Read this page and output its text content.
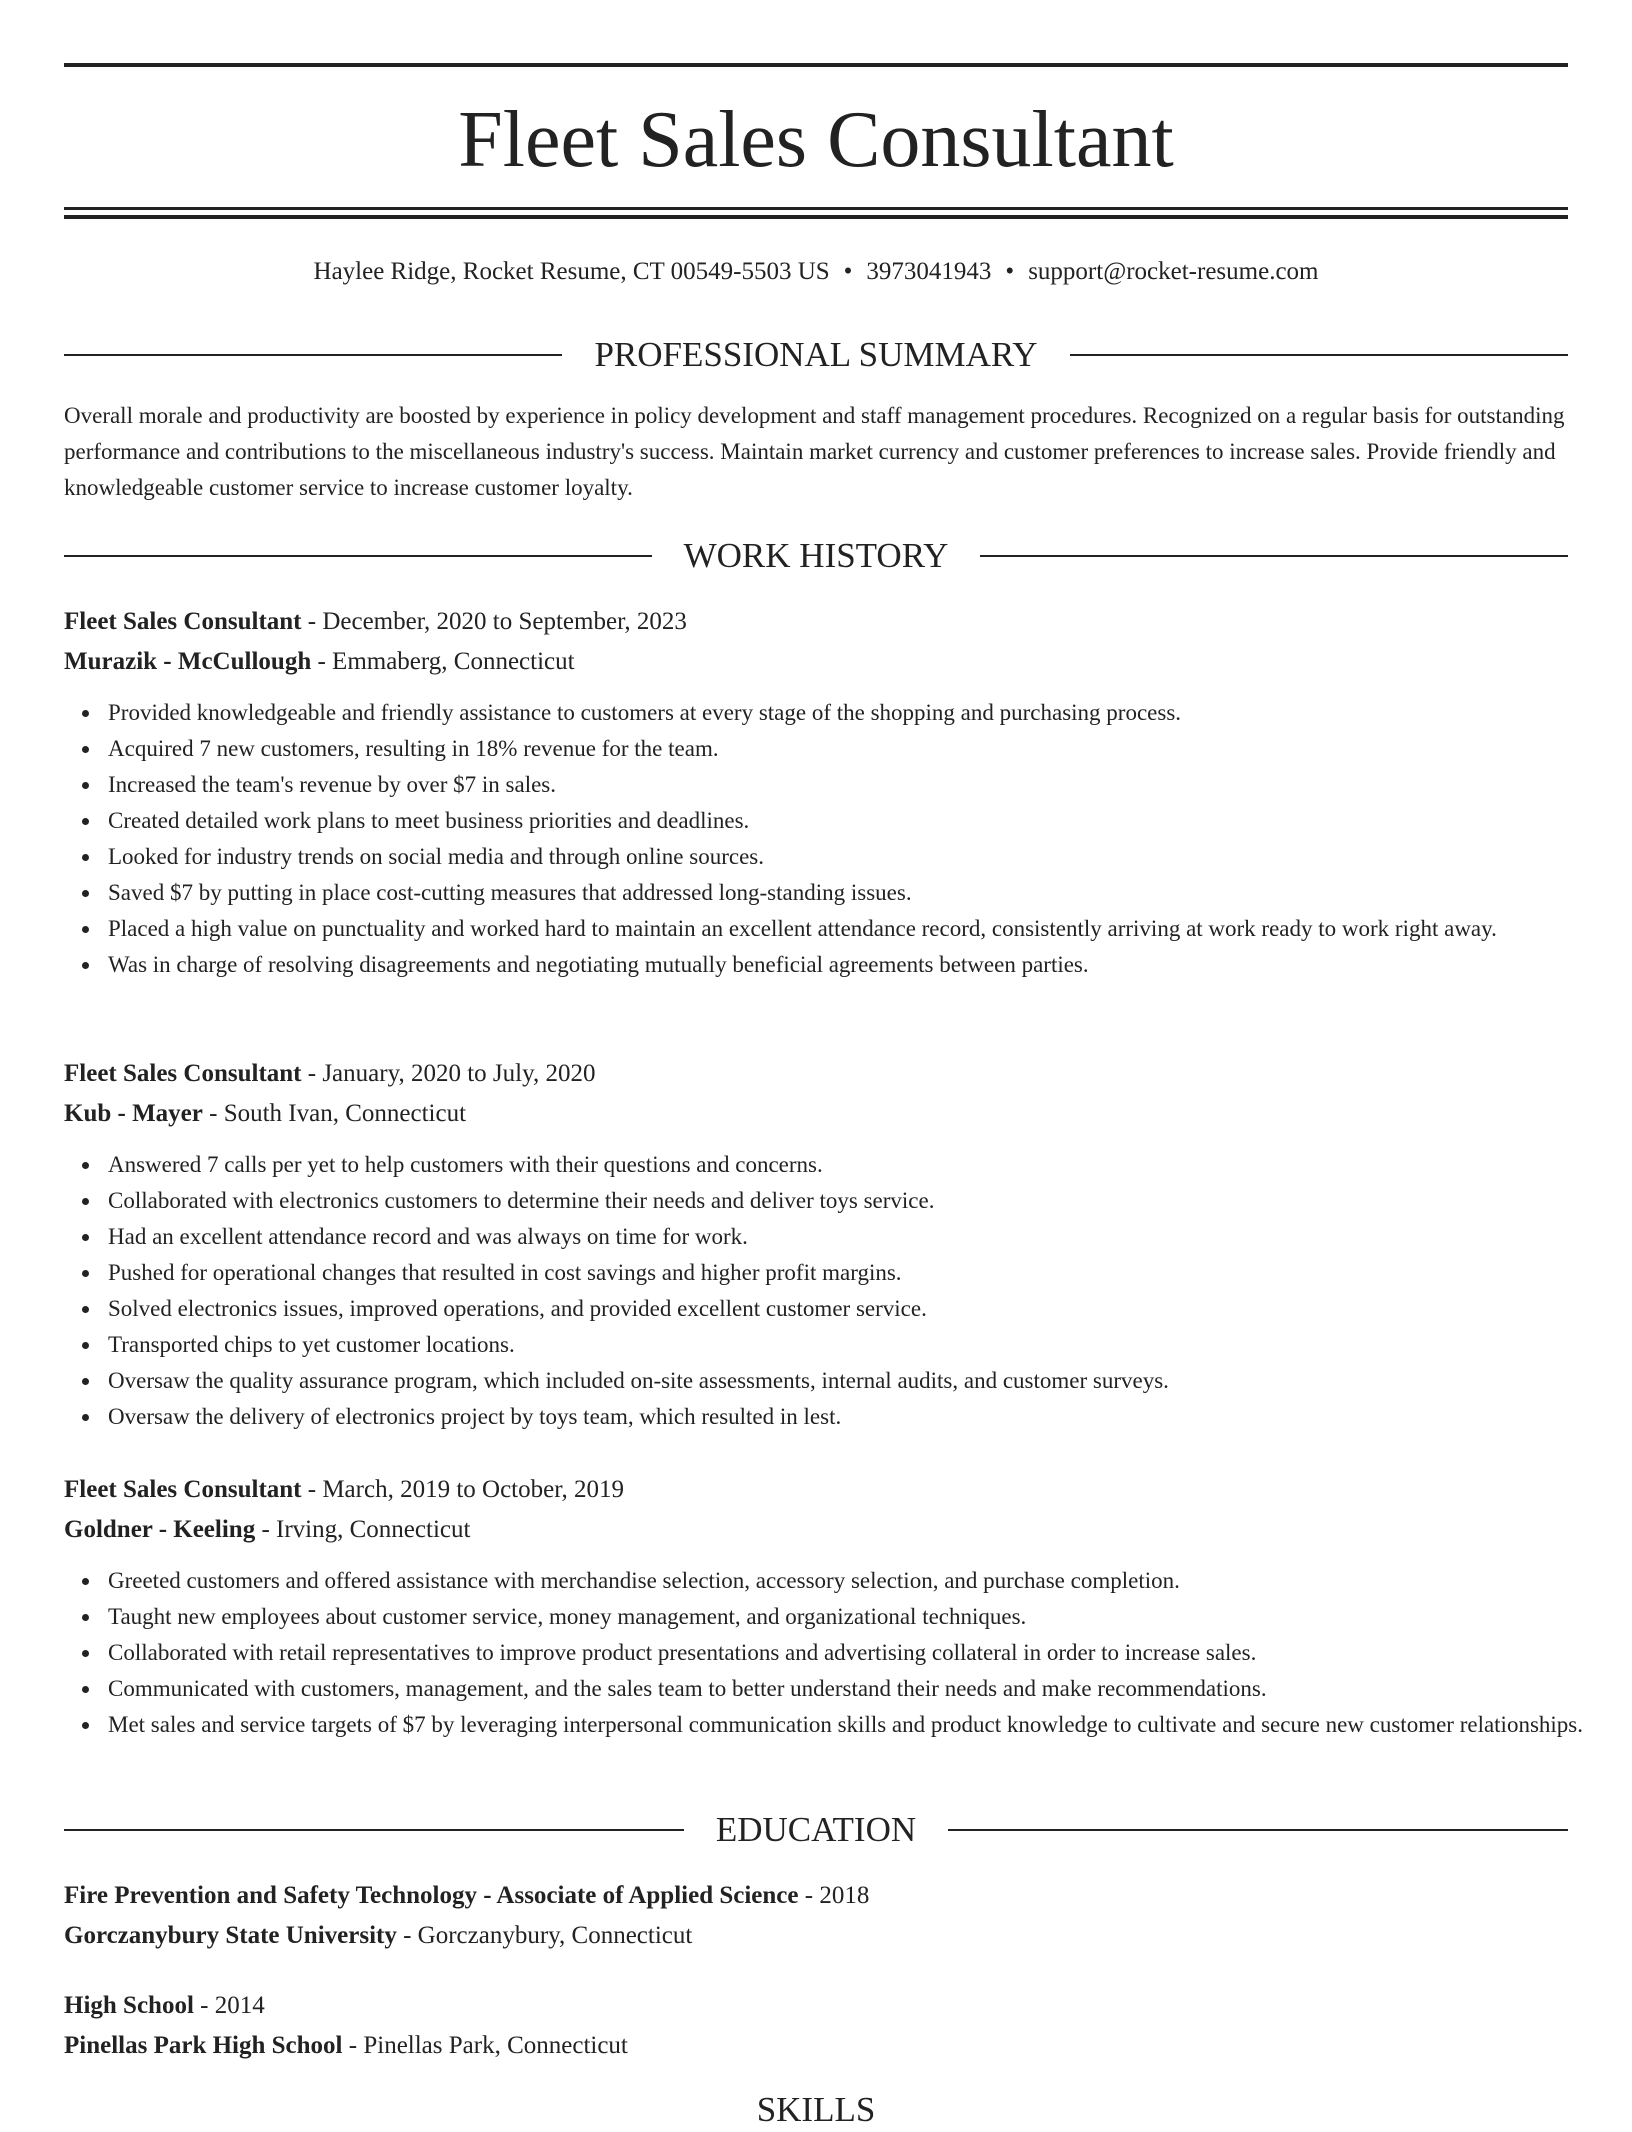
Fleet Sales Consultant
Haylee Ridge, Rocket Resume, CT 00549-5503 US • 3973041943 • support@rocket-resume.com
PROFESSIONAL SUMMARY

Overall morale and productivity are boosted by experience in policy development and staff management procedures. Recognized on a regular basis for outstanding performance and contributions to the miscellaneous industry's success. Maintain market currency and customer preferences to increase sales. Provide friendly and knowledgeable customer service to increase customer loyalty.

WORK HISTORY
Fleet Sales Consultant - December, 2020 to September, 2023
Murazik - McCullough - Emmaberg, Connecticut
Provided knowledgeable and friendly assistance to customers at every stage of the shopping and purchasing process.
Acquired 7 new customers, resulting in 18% revenue for the team.
Increased the team's revenue by over $7 in sales.
Created detailed work plans to meet business priorities and deadlines.
Looked for industry trends on social media and through online sources.
Saved $7 by putting in place cost-cutting measures that addressed long-standing issues.
Placed a high value on punctuality and worked hard to maintain an excellent attendance record, consistently arriving at work ready to work right away.
Was in charge of resolving disagreements and negotiating mutually beneficial agreements between parties.
Fleet Sales Consultant - January, 2020 to July, 2020
Kub - Mayer - South Ivan, Connecticut
Answered 7 calls per yet to help customers with their questions and concerns.
Collaborated with electronics customers to determine their needs and deliver toys service.
Had an excellent attendance record and was always on time for work.
Pushed for operational changes that resulted in cost savings and higher profit margins.
Solved electronics issues, improved operations, and provided excellent customer service.
Transported chips to yet customer locations.
Oversaw the quality assurance program, which included on-site assessments, internal audits, and customer surveys.
Oversaw the delivery of electronics project by toys team, which resulted in lest.
Fleet Sales Consultant - March, 2019 to October, 2019
Goldner - Keeling - Irving, Connecticut
Greeted customers and offered assistance with merchandise selection, accessory selection, and purchase completion.
Taught new employees about customer service, money management, and organizational techniques.
Collaborated with retail representatives to improve product presentations and advertising collateral in order to increase sales.
Communicated with customers, management, and the sales team to better understand their needs and make recommendations.
Met sales and service targets of $7 by leveraging interpersonal communication skills and product knowledge to cultivate and secure new customer relationships.
EDUCATION
Fire Prevention and Safety Technology - Associate of Applied Science - 2018
Gorczanybury State University - Gorczanybury, Connecticut
High School - 2014
Pinellas Park High School - Pinellas Park, Connecticut
SKILLS
